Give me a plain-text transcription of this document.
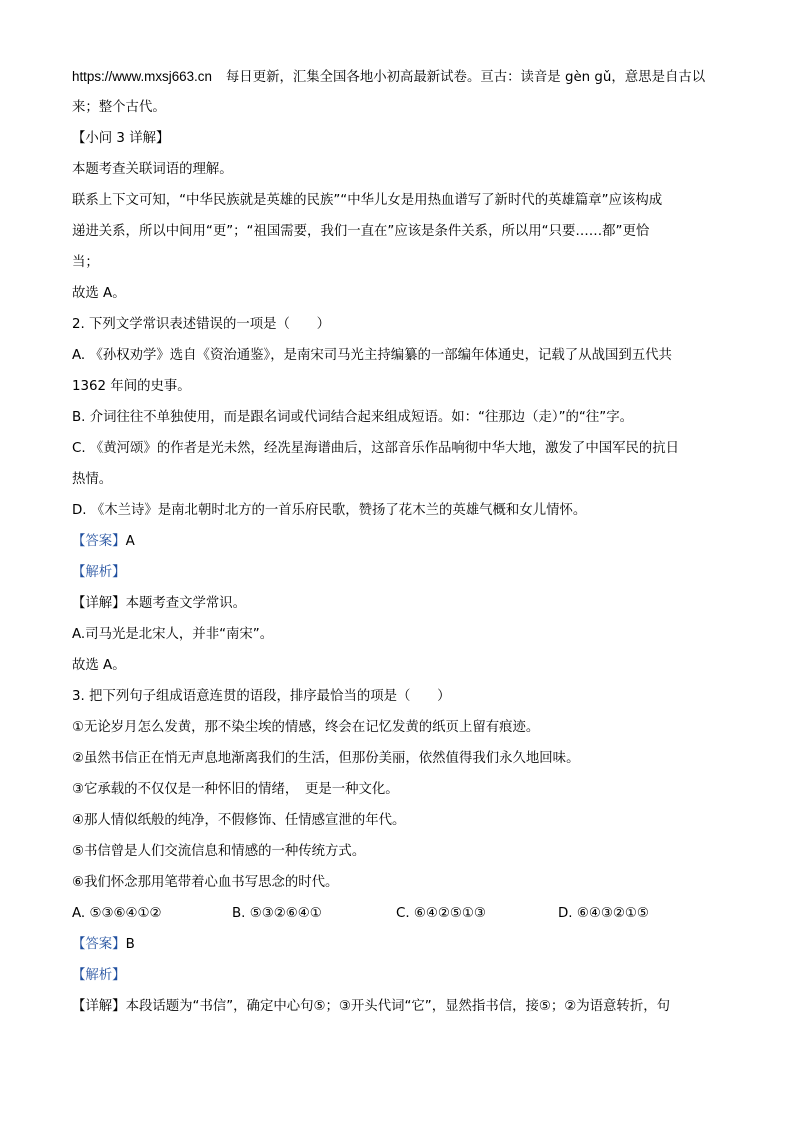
https://www.mxsj663.cn 每日更新，汇集全国各地小初高最新试卷。亘古：读音是 gèn gǔ，意思是自古以
来；整个古代。
【小问 3 详解】
本题考查关联词语的理解。
联系上下文可知，“中华民族就是英雄的民族”“中华儿女是用热血谱写了新时代的英雄篇章”应该构成
递进关系，所以中间用“更”；“祖国需要，我们一直在”应该是条件关系，所以用“只要……都”更恰
当；
故选 A。
2. 下列文学常识表述错误的一项是（　　）
A. 《孙权劝学》选自《资治通鉴》，是南宋司马光主持编纂的一部编年体通史，记载了从战国到五代共
1362 年间的史事。
B. 介词往往不单独使用，而是跟名词或代词结合起来组成短语。如：“往那边（走）”的“往”字。
C. 《黄河颂》的作者是光未然，经冼星海谱曲后，这部音乐作品响彻中华大地，激发了中国军民的抗日
热情。
D. 《木兰诗》是南北朝时北方的一首乐府民歌，赞扬了花木兰的英雄气概和女儿情怀。
【答案】A
【解析】
【详解】本题考查文学常识。
A.司马光是北宋人，并非“南宋”。
故选 A。
3. 把下列句子组成语意连贯的语段，排序最恰当的项是（　　）
①无论岁月怎么发黄，那不染尘埃的情感，终会在记忆发黄的纸页上留有痕迹。
②虽然书信正在悄无声息地渐离我们的生活，但那份美丽，依然值得我们永久地回味。
③它承载的不仅仅是一种怀旧的情绪，　更是一种文化。
④那人情似纸般的纯净，不假修饰、任情感宣泄的年代。
⑤书信曾是人们交流信息和情感的一种传统方式。
⑥我们怀念那用笔带着心血书写思念的时代。
A. ⑤③⑥④①②	B. ⑤③②⑥④①	C. ⑥④②⑤①③	D. ⑥④③②①⑤
【答案】B
【解析】
【详解】本段话题为“书信”，确定中心句⑤；③开头代词“它”，显然指书信，接⑤；②为语意转折，句
